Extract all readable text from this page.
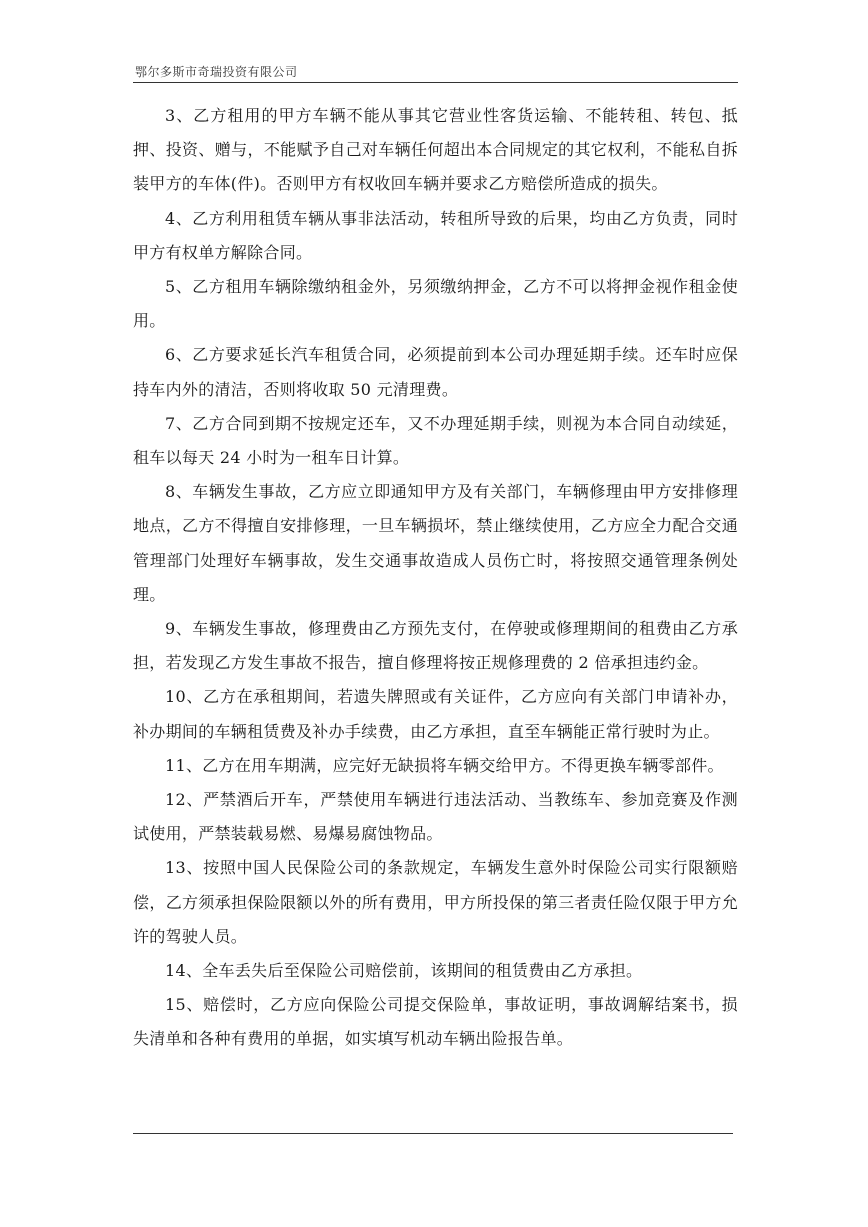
鄂尔多斯市奇瑞投资有限公司

3、乙方租用的甲方车辆不能从事其它营业性客货运输、不能转租、转包、抵押、投资、赠与，不能赋予自己对车辆任何超出本合同规定的其它权利，不能私自拆装甲方的车体(件)。否则甲方有权收回车辆并要求乙方赔偿所造成的损失。

4、乙方利用租赁车辆从事非法活动，转租所导致的后果，均由乙方负责，同时甲方有权单方解除合同。

5、乙方租用车辆除缴纳租金外，另须缴纳押金，乙方不可以将押金视作租金使用。

6、乙方要求延长汽车租赁合同，必须提前到本公司办理延期手续。还车时应保持车内外的清洁，否则将收取 50 元清理费。

7、乙方合同到期不按规定还车，又不办理延期手续，则视为本合同自动续延，租车以每天 24 小时为一租车日计算。

8、车辆发生事故，乙方应立即通知甲方及有关部门，车辆修理由甲方安排修理地点，乙方不得擅自安排修理，一旦车辆损坏，禁止继续使用，乙方应全力配合交通管理部门处理好车辆事故，发生交通事故造成人员伤亡时，将按照交通管理条例处理。

9、车辆发生事故，修理费由乙方预先支付，在停驶或修理期间的租费由乙方承担，若发现乙方发生事故不报告，擅自修理将按正规修理费的 2 倍承担违约金。

10、乙方在承租期间，若遗失牌照或有关证件，乙方应向有关部门申请补办，补办期间的车辆租赁费及补办手续费，由乙方承担，直至车辆能正常行驶时为止。

11、乙方在用车期满，应完好无缺损将车辆交给甲方。不得更换车辆零部件。

12、严禁酒后开车，严禁使用车辆进行违法活动、当教练车、参加竞赛及作测试使用，严禁装载易燃、易爆易腐蚀物品。

13、按照中国人民保险公司的条款规定，车辆发生意外时保险公司实行限额赔偿，乙方须承担保险限额以外的所有费用，甲方所投保的第三者责任险仅限于甲方允许的驾驶人员。

14、全车丢失后至保险公司赔偿前，该期间的租赁费由乙方承担。

15、赔偿时，乙方应向保险公司提交保险单，事故证明，事故调解结案书，损失清单和各种有费用的单据，如实填写机动车辆出险报告单。
